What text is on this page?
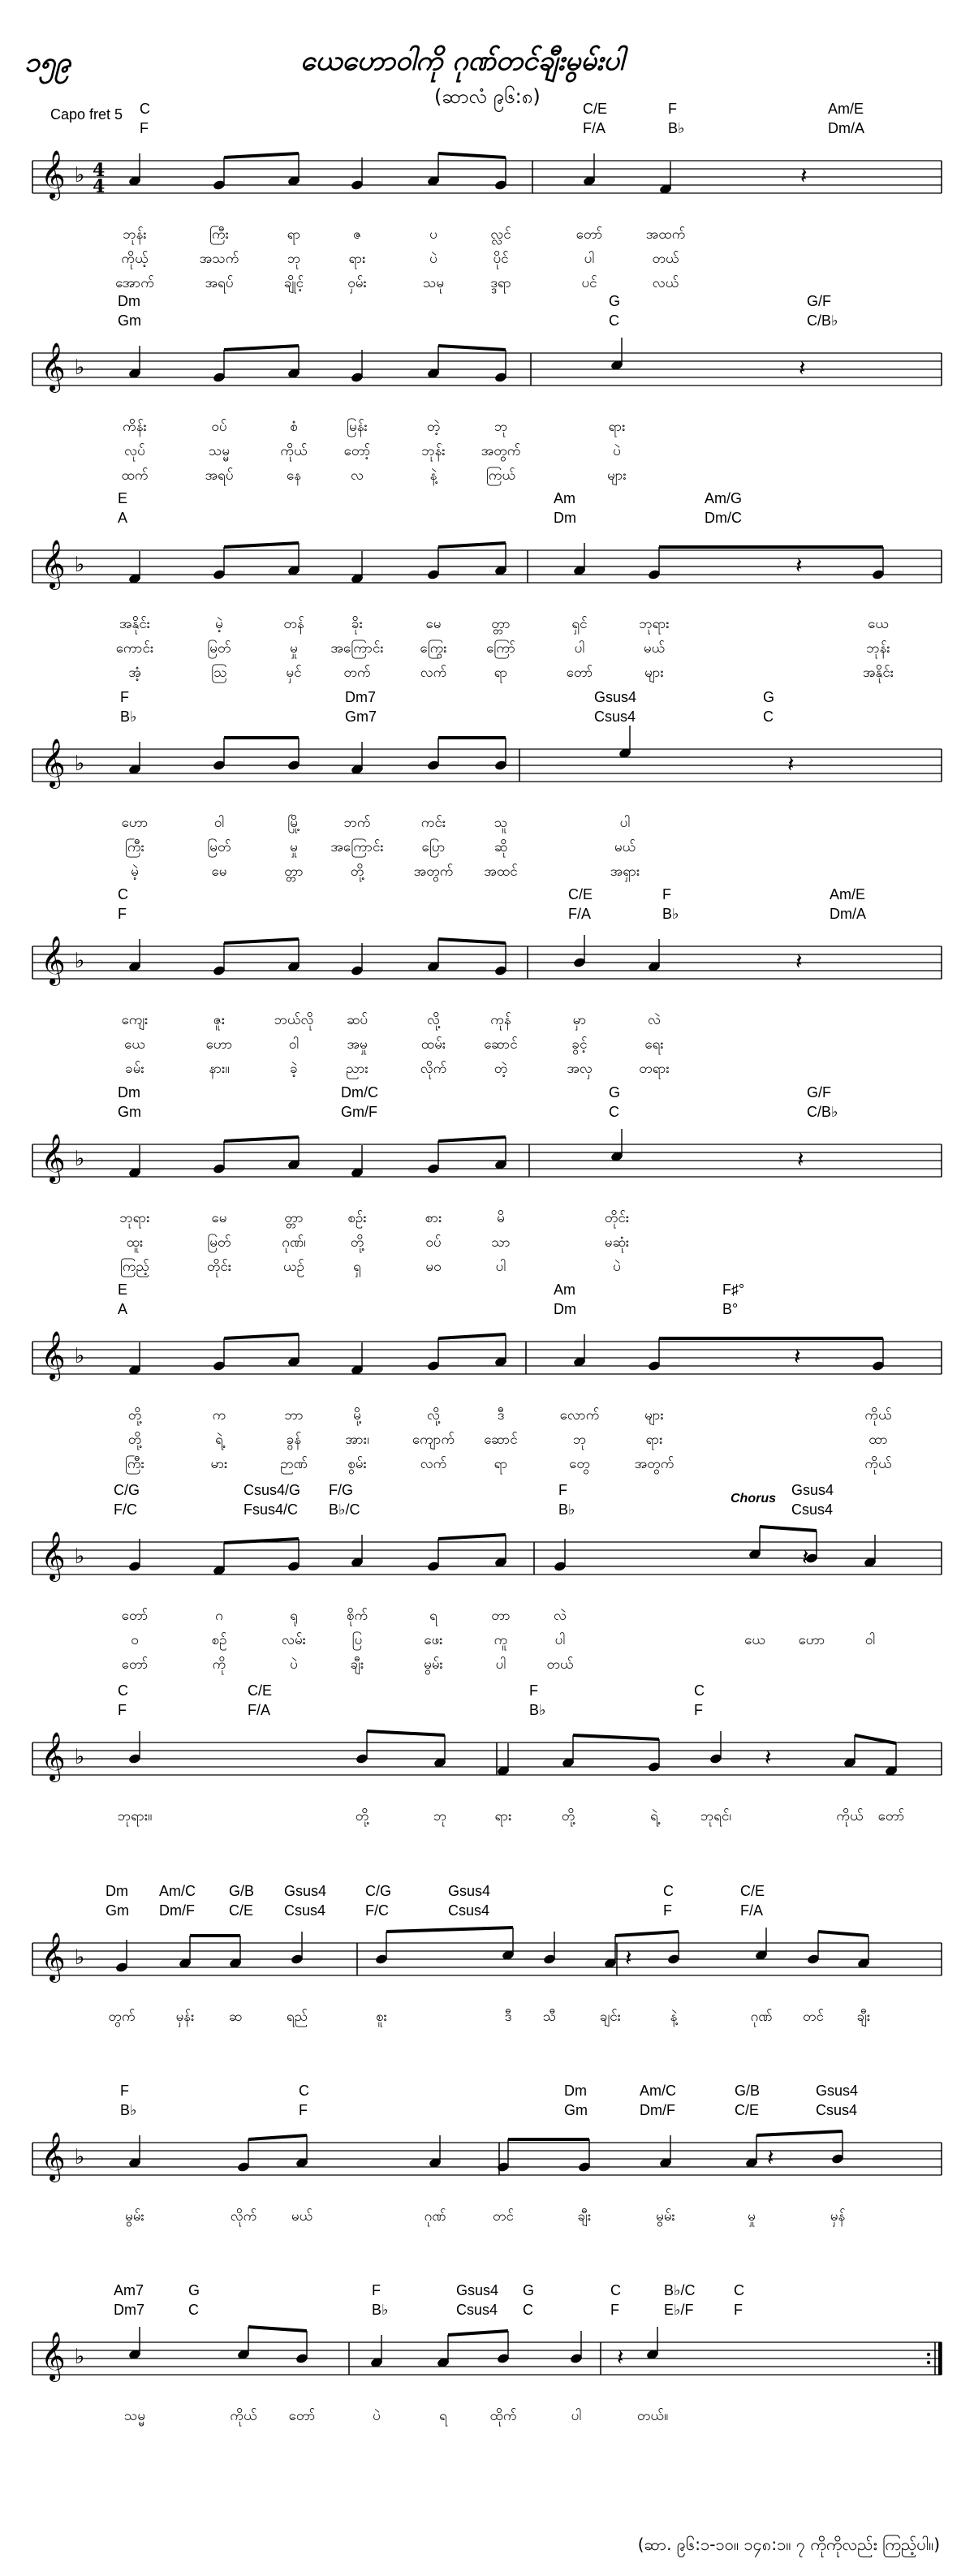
၁၅၉	ယေဟောဝါကို ဂုဏ်တင်ချီးမွမ်းပါ
(ဆာလံ ၉၆:၈)
Capo fret 5
(ဆာ. ၉၆:၁-၁၀။ ၁၄၈:၁။ ၇ ကိုကိုလည်း ကြည့်ပါ။)
𝄞 ♭ 4
4	𝄽
𝄞 ♭	𝄽
𝄞 ♭	𝄽
𝄞 ♭	𝄽
𝄞 ♭	𝄽
𝄞 ♭	𝄽
𝄞 ♭	𝄽
𝄞 ♭	𝄽
𝄞 ♭	𝄽
𝄞 ♭	𝄽
𝄞 ♭	𝄽
𝄞 ♭	𝄽
C	C/E	F	Am/E
F	F/A	B♭	Dm/A
ဘုန်း	ကြီး	ရာ	ဇ	ပ	လ္လင်	တော်	အထက်
ကိုယ့်	အသက်	ဘု	ရား	ပဲ	ပိုင်	ပါ	တယ်
အောက်	အရပ်	ချိုင့်	ဝှမ်း	သမု	ဒ္ဒရာ	ပင်	လယ်
Dm	G	G/F
Gm	C	C/B♭
ကိန်း	ဝပ်	စံ	မြန်း	တဲ့	ဘု	ရား
လုပ်	သမ္မ	ကိုယ်	တော့်	ဘုန်း	အတွက်	ပဲ
ထက်	အရပ်	နေ	လ	နဲ့	ကြယ်	များ
E	Am	Am/G
A	Dm	Dm/C
အနိုင်း	မဲ့	တန်	ခိုး	မေ	တ္တာ	ရှင်	ဘုရား	ယေ
ကောင်း	မြတ်	မှု အကြောင်း	ကြွေး	ကြော်	ပါ	မယ်	ဘုန်း
အံ့	သြ	မှင်	တက်	လက်	ရာ	တော်	များ	အနိုင်း
F	Dm7	Gsus4	G
B♭	Gm7	Csus4	C
ဟော	ဝါ	မြို့	ဘက်	ကင်း	သူ	ပါ
ကြီး	မြတ်	မှု အကြောင်း	ပြော	ဆို	မယ်
မဲ့	မေ	တ္တာ	တို့	အတွက် အထင်	အရှား
C	C/E	F	Am/E
F	F/A	B♭	Dm/A
ကျေး	ဇူး	ဘယ်လို ဆပ်	လို့	ကုန်	မှာ	လဲ
ယေ	ဟော	ဝါ	အမှု	ထမ်း	ဆောင်	ခွင့်	ရေး
ခမ်း	နား။	ခဲ့	ညား	လိုက်	တဲ့	အလှ	တရား
Dm	Dm/C	G	G/F
Gm	Gm/F	C	C/B♭
ဘုရား	မေ	တ္တာ	စဉ်း	စား	မိ	တိုင်း
ထူး	မြတ်	ဂုဏ်၊	တို့	ဝပ်	သာ	မဆုံး
ကြည့်	တိုင်း	ယဉ်	ရှ	မဝ	ပါ	ပဲ
E	Am	F♯°
A	Dm	B°
တို့	က	ဘာ	မို့	လို့	ဒီ	လောက်	များ	ကိုယ်
တို့	ရဲ့	ခွန်	အား၊	ကျောက် ဆောင်	ဘု	ရား	ထာ
ကြီး	မား	ဉာဏ်	စွမ်း	လက်	ရာ	တွေ	အတွက်	ကိုယ်
C/G	Csus4/G F/G	F	Gsus4
F/C	Fsus4/C B♭/C	B♭	Csus4
တော်	ဂ	ရု	စိုက်	ရ	တာ	လဲ
ဝ	စဉ်	လမ်း	ပြ	ဖေး	ကူ	ပါ	ယေ ဟော	ဝါ
တော်	ကို	ပဲ	ချီး	မွမ်း	ပါ	တယ်
C	C/E	F	C
F	F/A	B♭	F
ဘုရား။	တို့	ဘု	ရား	တို့	ရဲ့	ဘုရင်၊	ကိုယ် တော်
Dm Am/C G/B Gsus4	C/G	Gsus4	C	C/E
Gm Dm/F C/E Csus4	F/C	Csus4	F	F/A
တွက်	မှန်း ဆ	ရည်	စူး	ဒီ သီ	ချင်း	နဲ့	ဂုဏ် တင် ချီး
F	C	Dm	Am/C	G/B	Gsus4
B♭	F	Gm	Dm/F	C/E	Csus4
မွမ်း	လိုက်	မယ်	ဂုဏ်	တင်	ချီး	မွမ်း	မှု	မှန်
Am7	G	F	Gsus4 G	C	B♭/C	C
Dm7	C	B♭	Csus4 C	F	E♭/F	F
သမ္မ	ကိုယ် တော်	ပဲ	ရ	ထိုက်	ပါ	တယ်။
Chorus
